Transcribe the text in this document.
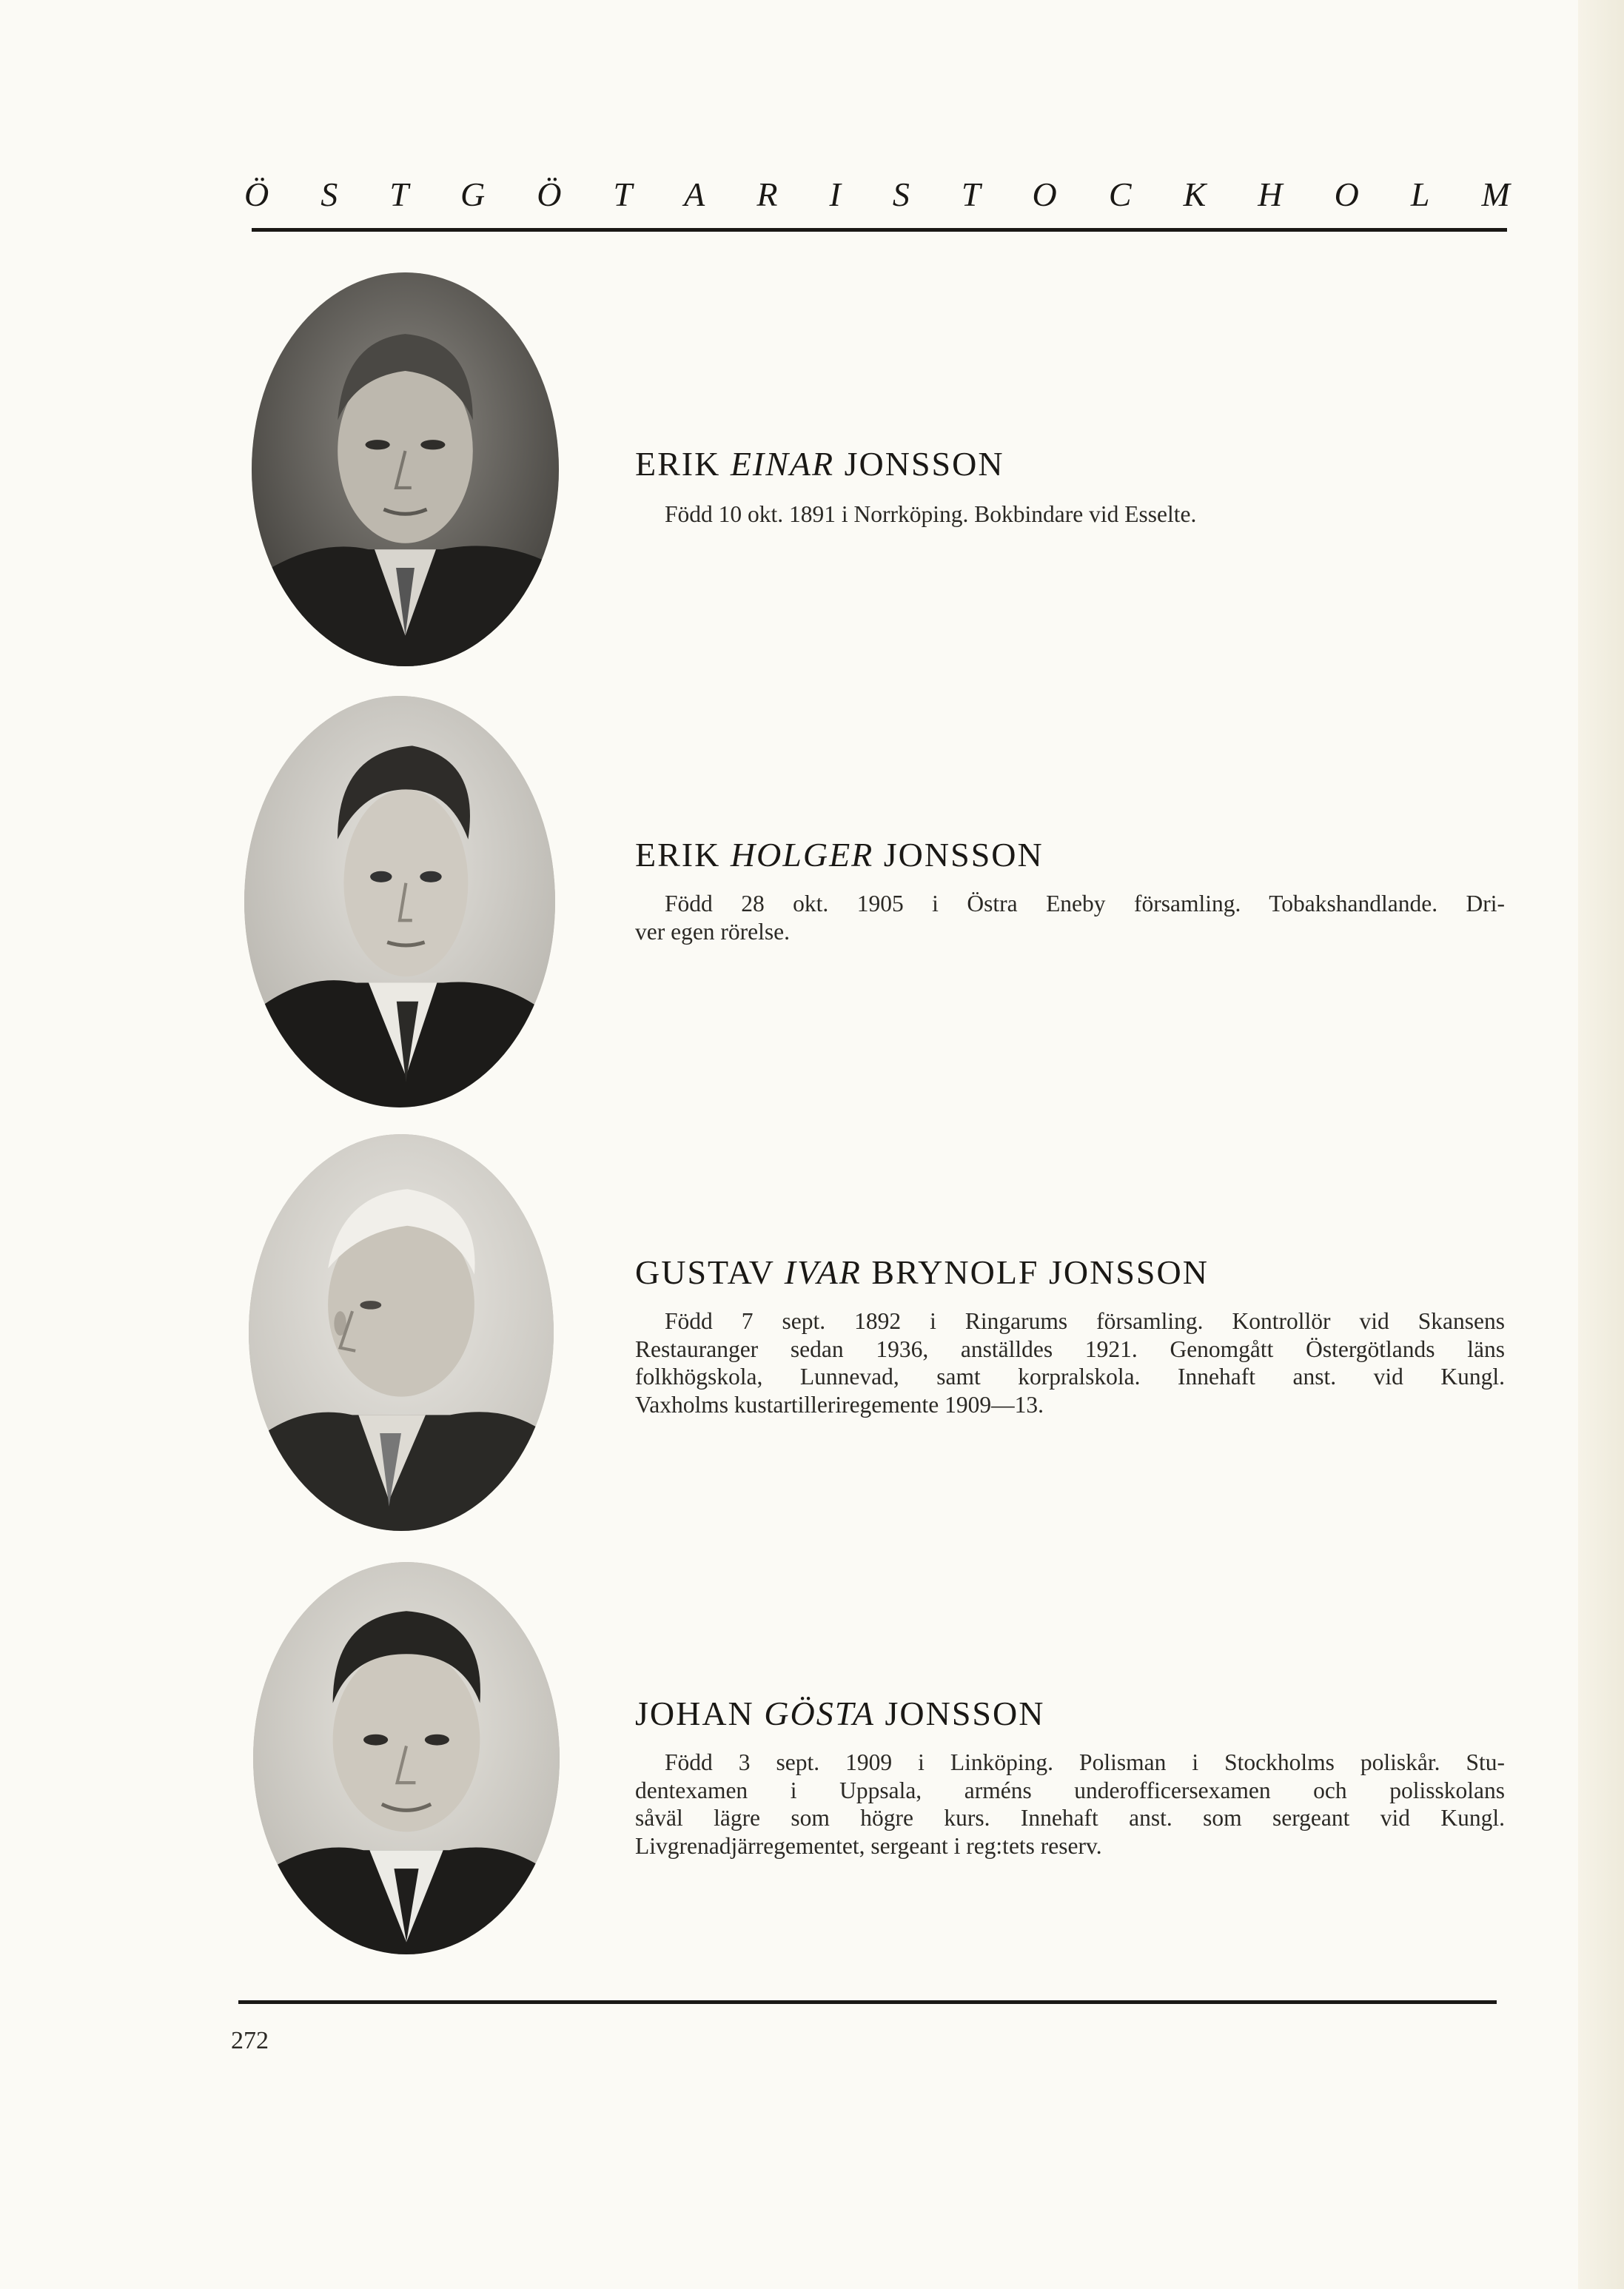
Ö S T G Ö T A R I S T O C K H O L M
ERIK EINAR JONSSON
Född 10 okt. 1891 i Norrköping. Bokbindare vid Esselte.
ERIK HOLGER JONSSON
Född 28 okt. 1905 i Östra Eneby församling. Tobakshandlande. Dri-
ver egen rörelse.
GUSTAV IVAR BRYNOLF JONSSON
Född 7 sept. 1892 i Ringarums församling. Kontrollör vid Skansens
Restauranger sedan 1936, anställdes 1921. Genomgått Östergötlands läns
folkhögskola, Lunnevad, samt korpralskola. Innehaft anst. vid Kungl.
Vaxholms kustartilleriregemente 1909—13.
JOHAN GÖSTA JONSSON
Född 3 sept. 1909 i Linköping. Polisman i Stockholms poliskår. Stu-
dentexamen i Uppsala, arméns underofficersexamen och polisskolans
såväl lägre som högre kurs. Innehaft anst. som sergeant vid Kungl.
Livgrenadjärregementet, sergeant i reg:tets reserv.
272
